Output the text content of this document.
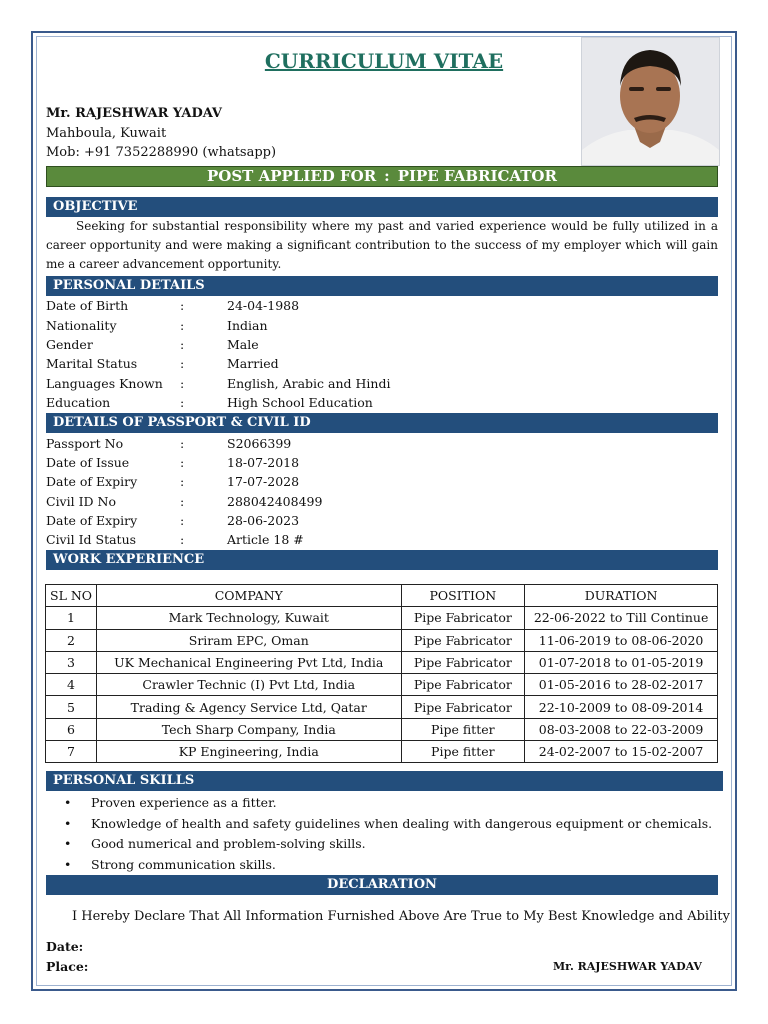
CURRICULUM VITAE
Mr. RAJESHWAR YADAV
Mahboula, Kuwait
Mob: +91 7352288990 (whatsapp)
POST APPLIED FOR : PIPE FABRICATOR
OBJECTIVE
Seeking for substantial responsibility where my past and varied experience would be fully utilized in a career opportunity and were making a significant contribution to the success of my employer which will gain me a career advancement opportunity.
PERSONAL DETAILS
Date of Birth	:	24-04-1988
Nationality	:	Indian
Gender	:	Male
Marital Status	:	Married
Languages Known :	English, Arabic and Hindi
Education	:	High School Education
DETAILS OF PASSPORT & CIVIL ID
Passport No	:	S2066399
Date of Issue	:	18-07-2018
Date of Expiry	:	17-07-2028
Civil ID No	:	288042408499
Date of Expiry	:	28-06-2023
Civil Id Status	:	Article 18 #
WORK EXPERIENCE
SL NO	COMPANY	POSITION	DURATION
1	Mark Technology, Kuwait	Pipe Fabricator	22-06-2022 to Till Continue
2	Sriram EPC, Oman	Pipe Fabricator	11-06-2019 to 08-06-2020
3	UK Mechanical Engineering Pvt Ltd, India	Pipe Fabricator	01-07-2018 to 01-05-2019
4	Crawler Technic (I) Pvt Ltd, India	Pipe Fabricator	01-05-2016 to 28-02-2017
5	Trading & Agency Service Ltd, Qatar	Pipe Fabricator	22-10-2009 to 08-09-2014
6	Tech Sharp Company, India	Pipe fitter	08-03-2008 to 22-03-2009
7	KP Engineering, India	Pipe fitter	24-02-2007 to 15-02-2007
PERSONAL SKILLS
• Proven experience as a fitter.
• Knowledge of health and safety guidelines when dealing with dangerous equipment or chemicals.
• Good numerical and problem-solving skills.
• Strong communication skills.
DECLARATION
I Hereby Declare That All Information Furnished Above Are True to My Best Knowledge and Ability
Date:
Place:	Mr. RAJESHWAR YADAV
